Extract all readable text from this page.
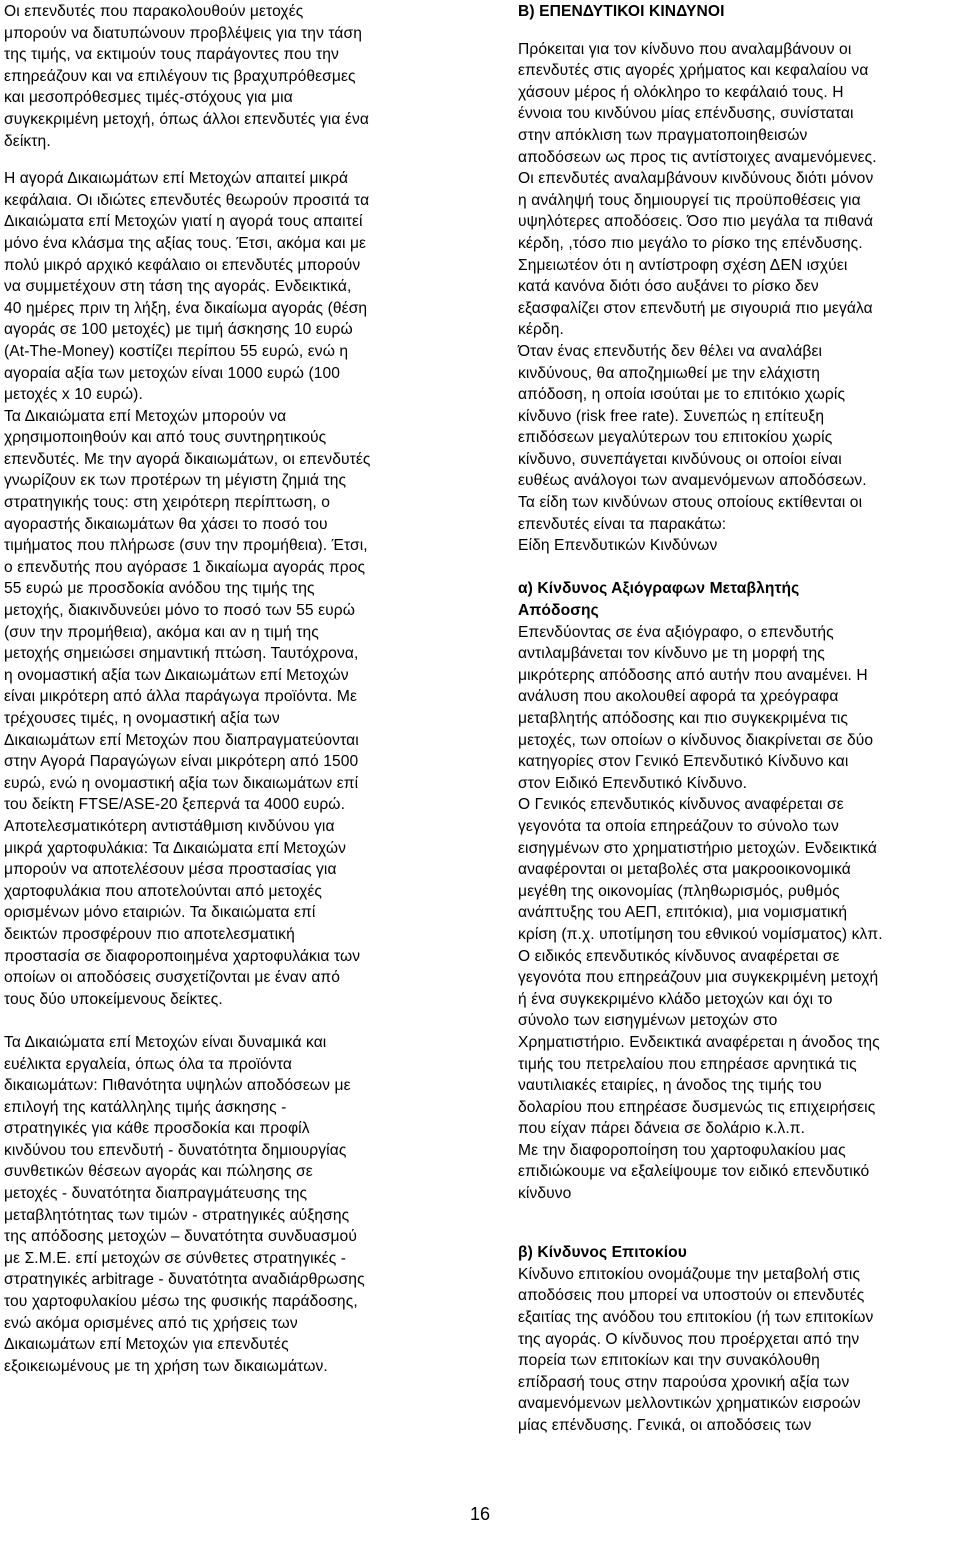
Οι επενδυτές που παρακολουθούν μετοχές
μπορούν να διατυπώνουν προβλέψεις για την τάση
της τιμής, να εκτιμούν τους παράγοντες που την
επηρεάζουν και να επιλέγουν τις βραχυπρόθεσμες
και μεσοπρόθεσμες τιμές-στόχους για μια
συγκεκριμένη μετοχή, όπως άλλοι επενδυτές για ένα
δείκτη.
Η αγορά Δικαιωμάτων επί Μετοχών απαιτεί μικρά
κεφάλαια. Οι ιδιώτες επενδυτές θεωρούν προσιτά τα
Δικαιώματα επί Μετοχών γιατί η αγορά τους απαιτεί
μόνο ένα κλάσμα της αξίας τους. Έτσι, ακόμα και με
πολύ μικρό αρχικό κεφάλαιο οι επενδυτές μπορούν
να συμμετέχουν στη τάση της αγοράς. Ενδεικτικά,
40 ημέρες πριν τη λήξη, ένα δικαίωμα αγοράς (θέση
αγοράς σε 100 μετοχές) με τιμή άσκησης 10 ευρώ
(At-The-Money) κοστίζει περίπου 55 ευρώ, ενώ η
αγοραία αξία των μετοχών είναι 1000 ευρώ (100
μετοχές x 10 ευρώ).
Τα Δικαιώματα επί Μετοχών μπορούν να
χρησιμοποιηθούν και από τους συντηρητικούς
επενδυτές. Με την αγορά δικαιωμάτων, οι επενδυτές
γνωρίζουν εκ των προτέρων τη μέγιστη ζημιά της
στρατηγικής τους: στη χειρότερη περίπτωση, ο
αγοραστής δικαιωμάτων θα χάσει το ποσό του
τιμήματος που πλήρωσε (συν την προμήθεια). Έτσι,
ο επενδυτής που αγόρασε 1 δικαίωμα αγοράς προς
55 ευρώ με προσδοκία ανόδου της τιμής της
μετοχής, διακινδυνεύει μόνο το ποσό των 55 ευρώ
(συν την προμήθεια), ακόμα και αν η τιμή της
μετοχής σημειώσει σημαντική πτώση. Ταυτόχρονα,
η ονομαστική αξία των Δικαιωμάτων επί Μετοχών
είναι μικρότερη από άλλα παράγωγα προϊόντα. Με
τρέχουσες τιμές, η ονομαστική αξία των
Δικαιωμάτων επί Μετοχών που διαπραγματεύονται
στην Αγορά Παραγώγων είναι μικρότερη από 1500
ευρώ, ενώ η ονομαστική αξία των δικαιωμάτων επί
του δείκτη FTSE/ASE-20 ξεπερνά τα 4000 ευρώ.
Αποτελεσματικότερη αντιστάθμιση κινδύνου για
μικρά χαρτοφυλάκια: Τα Δικαιώματα επί Μετοχών
μπορούν να αποτελέσουν μέσα προστασίας για
χαρτοφυλάκια που αποτελούνται από μετοχές
ορισμένων μόνο εταιριών. Τα δικαιώματα επί
δεικτών προσφέρουν πιο αποτελεσματική
προστασία σε διαφοροποιημένα χαρτοφυλάκια των
οποίων οι αποδόσεις συσχετίζονται με έναν από
τους δύο υποκείμενους δείκτες.
Τα Δικαιώματα επί Μετοχών είναι δυναμικά και
ευέλικτα εργαλεία, όπως όλα τα προϊόντα
δικαιωμάτων: Πιθανότητα υψηλών αποδόσεων με
επιλογή της κατάλληλης τιμής άσκησης -
στρατηγικές για κάθε προσδοκία και προφίλ
κινδύνου του επενδυτή - δυνατότητα δημιουργίας
συνθετικών θέσεων αγοράς και πώλησης σε
μετοχές - δυνατότητα διαπραγμάτευσης της
μεταβλητότητας των τιμών - στρατηγικές αύξησης
της απόδοσης μετοχών – δυνατότητα συνδυασμού
με Σ.Μ.Ε. επί μετοχών σε σύνθετες στρατηγικές -
στρατηγικές arbitrage - δυνατότητα αναδιάρθρωσης
του χαρτοφυλακίου μέσω της φυσικής παράδοσης,
ενώ ακόμα ορισμένες από τις χρήσεις των
Δικαιωμάτων επί Μετοχών για επενδυτές
εξοικειωμένους με τη χρήση των δικαιωμάτων.
Β) ΕΠΕΝΔΥΤΙΚΟΙ ΚΙΝΔΥΝΟΙ
Πρόκειται για τον κίνδυνο που αναλαμβάνουν οι
επενδυτές στις αγορές χρήματος και κεφαλαίου να
χάσουν μέρος ή ολόκληρο το κεφάλαιό τους. Η
έννοια του κινδύνου μίας επένδυσης, συνίσταται
στην απόκλιση των πραγματοποιηθεισών
αποδόσεων ως προς τις αντίστοιχες αναμενόμενες.
Οι επενδυτές αναλαμβάνουν κινδύνους διότι μόνον
η ανάληψή τους δημιουργεί τις προϋποθέσεις για
υψηλότερες αποδόσεις. Όσο πιο μεγάλα τα πιθανά
κέρδη, ,τόσο πιο μεγάλο το ρίσκο της επένδυσης.
Σημειωτέον ότι η αντίστροφη σχέση ΔΕΝ ισχύει
κατά κανόνα διότι όσο αυξάνει το ρίσκο δεν
εξασφαλίζει στον επενδυτή με σιγουριά πιο μεγάλα
κέρδη.
Όταν ένας επενδυτής δεν θέλει να αναλάβει
κινδύνους, θα αποζημιωθεί με την ελάχιστη
απόδοση, η οποία ισούται με το επιτόκιο χωρίς
κίνδυνο (risk free rate). Συνεπώς η επίτευξη
επιδόσεων μεγαλύτερων του επιτοκίου χωρίς
κίνδυνο, συνεπάγεται κινδύνους οι οποίοι είναι
ευθέως ανάλογοι των αναμενόμενων αποδόσεων.
Τα είδη των κινδύνων στους οποίους εκτίθενται οι
επενδυτές είναι τα παρακάτω:
Είδη Επενδυτικών Κινδύνων
α) Κίνδυνος Αξιόγραφων Μεταβλητής
Απόδοσης
Επενδύοντας σε ένα αξιόγραφο, ο επενδυτής
αντιλαμβάνεται τον κίνδυνο με τη μορφή της
μικρότερης απόδοσης από αυτήν που αναμένει. Η
ανάλυση που ακολουθεί αφορά τα χρεόγραφα
μεταβλητής απόδοσης και πιο συγκεκριμένα τις
μετοχές, των οποίων ο κίνδυνος διακρίνεται σε δύο
κατηγορίες στον Γενικό Επενδυτικό Κίνδυνο και
στον Ειδικό Επενδυτικό Κίνδυνο.
Ο Γενικός επενδυτικός κίνδυνος αναφέρεται σε
γεγονότα τα οποία επηρεάζουν το σύνολο των
εισηγμένων στο χρηματιστήριο μετοχών. Ενδεικτικά
αναφέρονται οι μεταβολές στα μακροοικονομικά
μεγέθη της οικονομίας (πληθωρισμός, ρυθμός
ανάπτυξης του ΑΕΠ, επιτόκια), μια νομισματική
κρίση (π.χ. υποτίμηση του εθνικού νομίσματος) κλπ.
Ο ειδικός επενδυτικός κίνδυνος αναφέρεται σε
γεγονότα που επηρεάζουν μια συγκεκριμένη μετοχή
ή ένα συγκεκριμένο κλάδο μετοχών και όχι το
σύνολο των εισηγμένων μετοχών στο
Χρηματιστήριο. Ενδεικτικά αναφέρεται η άνοδος της
τιμής του πετρελαίου που επηρέασε αρνητικά τις
ναυτιλιακές εταιρίες, η άνοδος της τιμής του
δολαρίου που επηρέασε δυσμενώς τις επιχειρήσεις
που είχαν πάρει δάνεια σε δολάριο κ.λ.π.
Με την διαφοροποίηση του χαρτοφυλακίου μας
επιδιώκουμε να εξαλείψουμε τον ειδικό επενδυτικό
κίνδυνο
β) Κίνδυνος Επιτοκίου
Κίνδυνο επιτοκίου ονομάζουμε την μεταβολή στις
αποδόσεις που μπορεί να υποστούν οι επενδυτές
εξαιτίας της ανόδου του επιτοκίου (ή των επιτοκίων
της αγοράς. Ο κίνδυνος που προέρχεται από την
πορεία των επιτοκίων και την συνακόλουθη
επίδρασή τους στην παρούσα χρονική αξία των
αναμενόμενων μελλοντικών χρηματικών εισροών
μίας επένδυσης. Γενικά, οι αποδόσεις των
16
